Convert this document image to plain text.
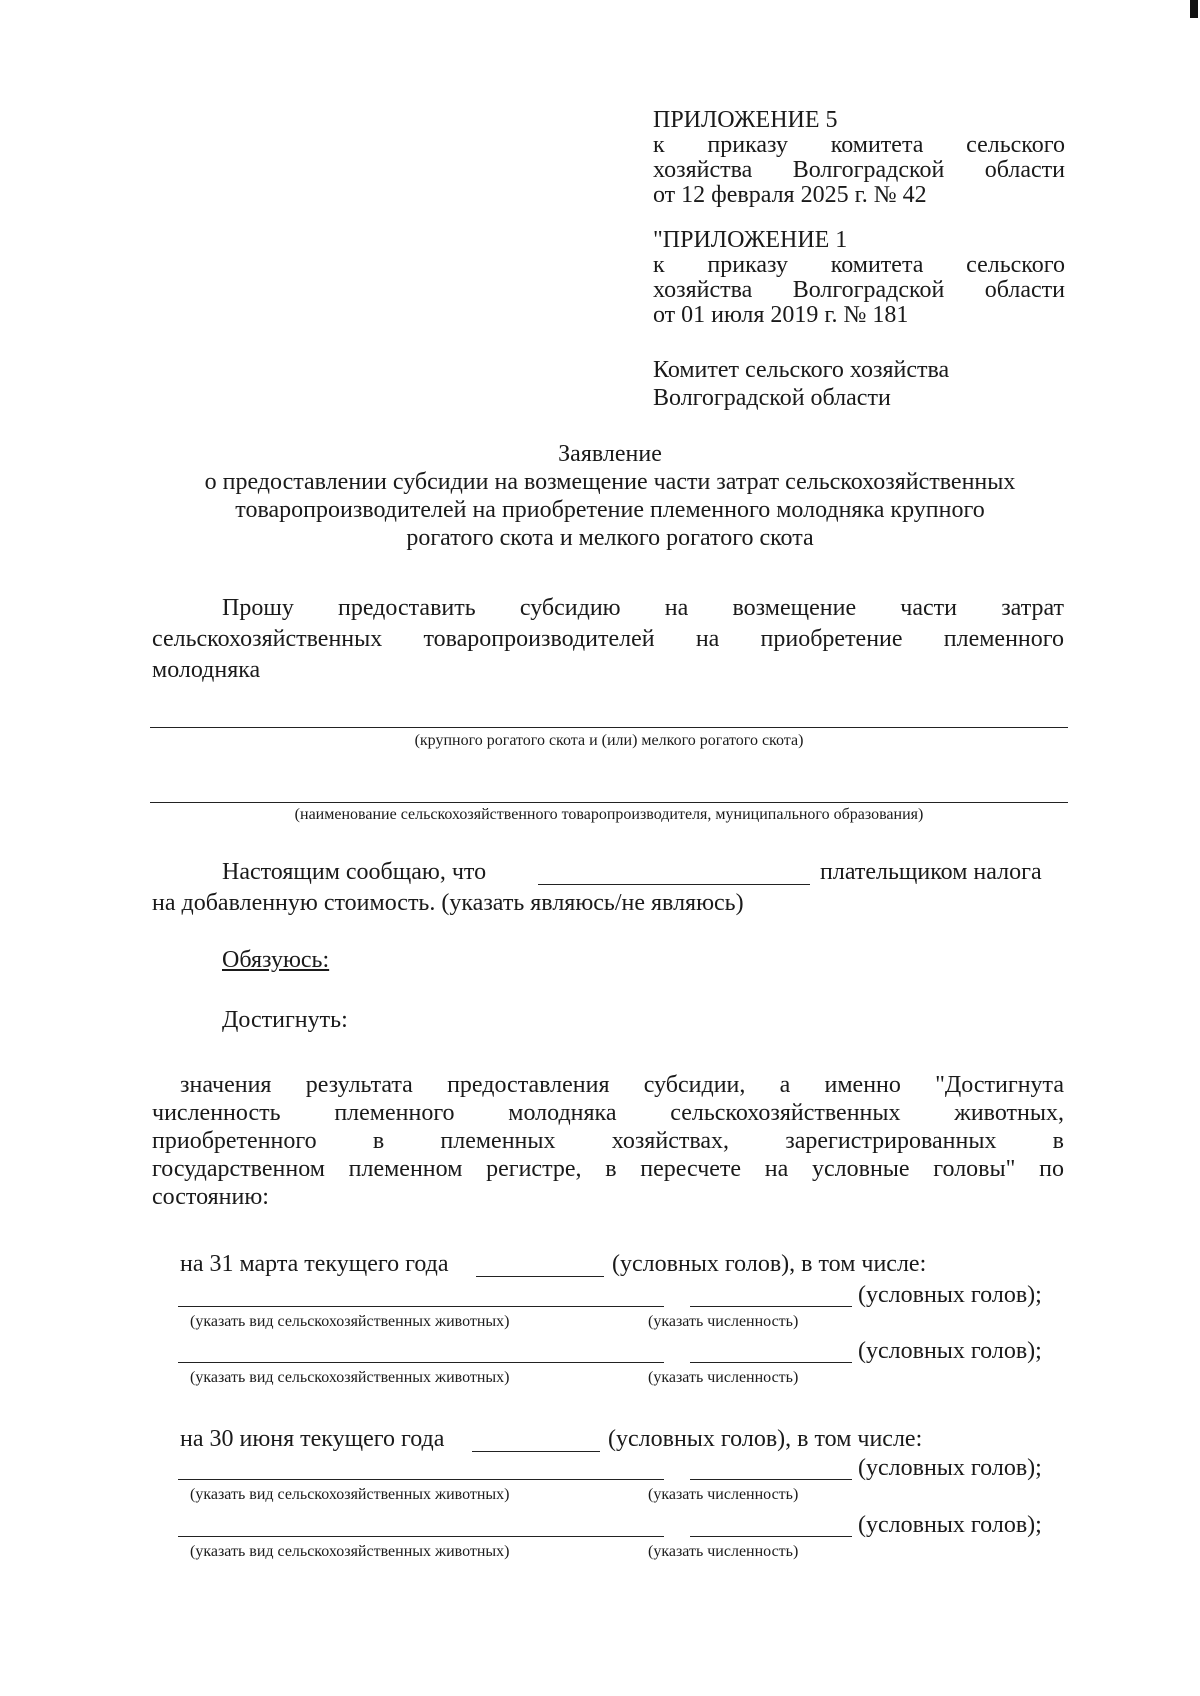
ПРИЛОЖЕНИЕ 5
к приказу комитета сельского
хозяйства Волгоградской области
от 12 февраля 2025 г. № 42
"ПРИЛОЖЕНИЕ 1
к приказу комитета сельского
хозяйства Волгоградской области
от 01 июля 2019 г. № 181
Комитет сельского хозяйства
Волгоградской области
Заявление
о предоставлении субсидии на возмещение части затрат сельскохозяйственных
товаропроизводителей на приобретение племенного молодняка крупного
рогатого скота и мелкого рогатого скота
Прошу предоставить субсидию на возмещение части затрат
сельскохозяйственных товаропроизводителей на приобретение племенного
молодняка
(крупного рогатого скота и (или) мелкого рогатого скота)
(наименование сельскохозяйственного товаропроизводителя, муниципального образования)
Настоящим сообщаю, что	плательщиком налога
на добавленную стоимость. (указать являюсь/не являюсь)
Обязуюсь:
Достигнуть:
значения результата предоставления субсидии, а именно "Достигнута
численность племенного молодняка сельскохозяйственных животных,
приобретенного в племенных хозяйствах, зарегистрированных в
государственном племенном регистре, в пересчете на условные головы" по
состоянию:
на 31 марта текущего года	(условных голов), в том числе:
(условных голов);
(указать вид сельскохозяйственных животных)	(указать численность)
(условных голов);
(указать вид сельскохозяйственных животных)	(указать численность)
на 30 июня текущего года	(условных голов), в том числе:
(условных голов);
(указать вид сельскохозяйственных животных)	(указать численность)
(условных голов);
(указать вид сельскохозяйственных животных)	(указать численность)
